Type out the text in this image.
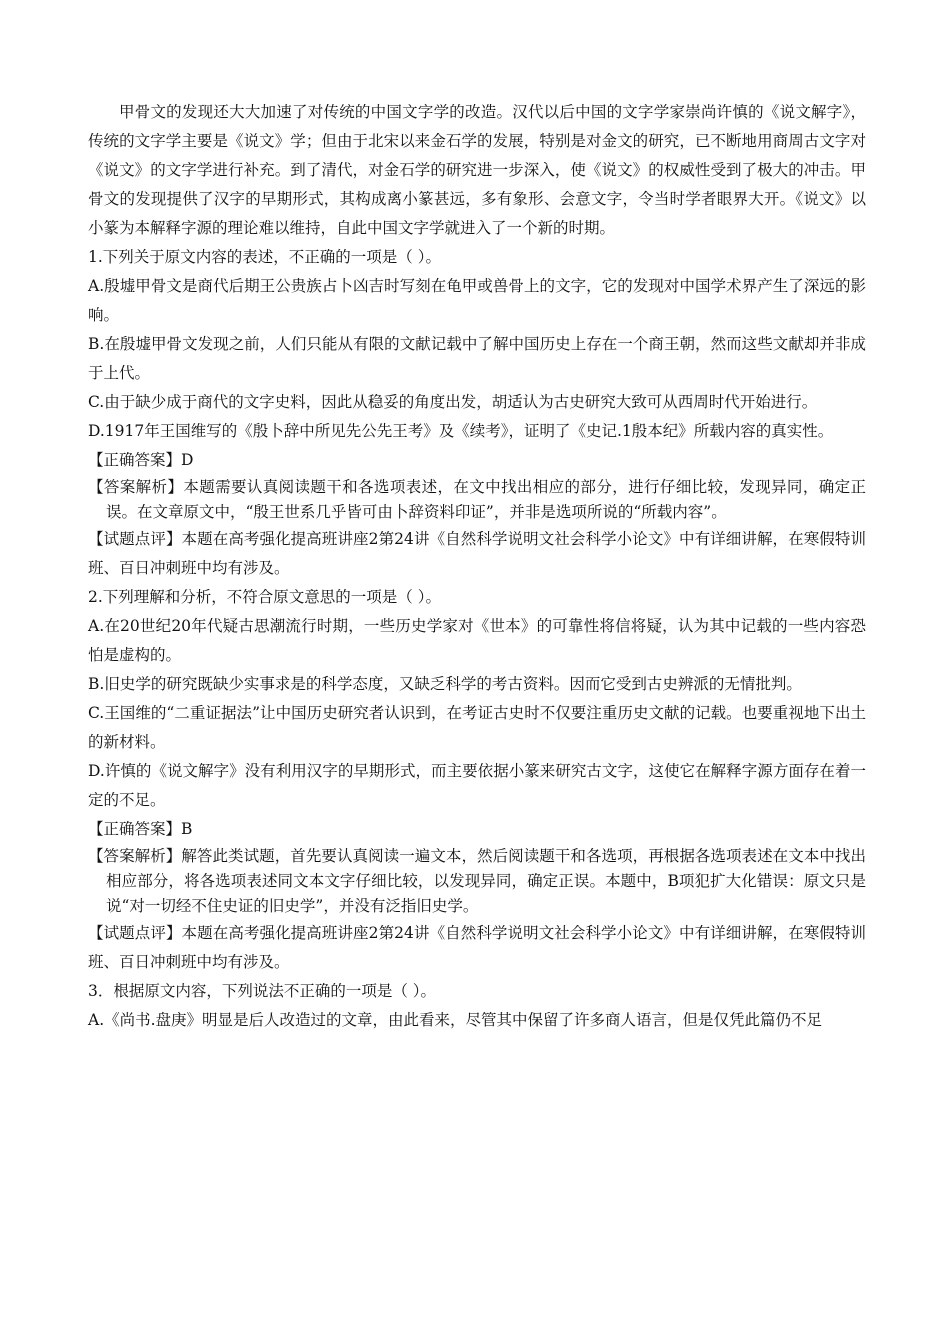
甲骨文的发现还大大加速了对传统的中国文字学的改造。汉代以后中国的文字学家崇尚许慎的《说文解字》，传统的文字学主要是《说文》学；但由于北宋以来金石学的发展，特别是对金文的研究，已不断地用商周古文字对《说文》的文字学进行补充。到了清代，对金石学的研究进一步深入，使《说文》的权威性受到了极大的冲击。甲骨文的发现提供了汉字的早期形式，其构成离小篆甚远，多有象形、会意文字，令当时学者眼界大开。《说文》以小篆为本解释字源的理论难以维持，自此中国文字学就进入了一个新的时期。

1.下列关于原文内容的表述，不正确的一项是（ ）。

A.殷墟甲骨文是商代后期王公贵族占卜凶吉时写刻在龟甲或兽骨上的文字，它的发现对中国学术界产生了深远的影响。

B.在殷墟甲骨文发现之前，人们只能从有限的文献记载中了解中国历史上存在一个商王朝，然而这些文献却并非成于上代。

C.由于缺少成于商代的文字史料，因此从稳妥的角度出发，胡适认为古史研究大致可从西周时代开始进行。

D.1917年王国维写的《殷卜辞中所见先公先王考》及《续考》，证明了《史记.1殷本纪》所载内容的真实性。

【正确答案】D

【答案解析】本题需要认真阅读题干和各选项表述，在文中找出相应的部分，进行仔细比较，发现异同，确定正误。在文章原文中，“殷王世系几乎皆可由卜辞资料印证”，并非是选项所说的“所载内容”。

【试题点评】本题在高考强化提高班讲座2第24讲《自然科学说明文社会科学小论文》中有详细讲解，在寒假特训班、百日冲刺班中均有涉及。

2.下列理解和分析，不符合原文意思的一项是（ ）。

A.在20世纪20年代疑古思潮流行时期，一些历史学家对《世本》的可靠性将信将疑，认为其中记载的一些内容恐怕是虚构的。

B.旧史学的研究既缺少实事求是的科学态度，又缺乏科学的考古资料。因而它受到古史辨派的无情批判。

C.王国维的“二重证据法”让中国历史研究者认识到，在考证古史时不仅要注重历史文献的记载。也要重视地下出土的新材料。

D.许慎的《说文解字》没有利用汉字的早期形式，而主要依据小篆来研究古文字，这使它在解释字源方面存在着一定的不足。

【正确答案】B

【答案解析】解答此类试题，首先要认真阅读一遍文本，然后阅读题干和各选项，再根据各选项表述在文本中找出相应部分，将各选项表述同文本文字仔细比较，以发现异同，确定正误。本题中，B项犯扩大化错误：原文只是说“对一切经不住史证的旧史学”，并没有泛指旧史学。

【试题点评】本题在高考强化提高班讲座2第24讲《自然科学说明文社会科学小论文》中有详细讲解，在寒假特训班、百日冲刺班中均有涉及。

3．根据原文内容，下列说法不正确的一项是（ ）。

A.《尚书.盘庚》明显是后人改造过的文章，由此看来，尽管其中保留了许多商人语言，但是仅凭此篇仍不足
